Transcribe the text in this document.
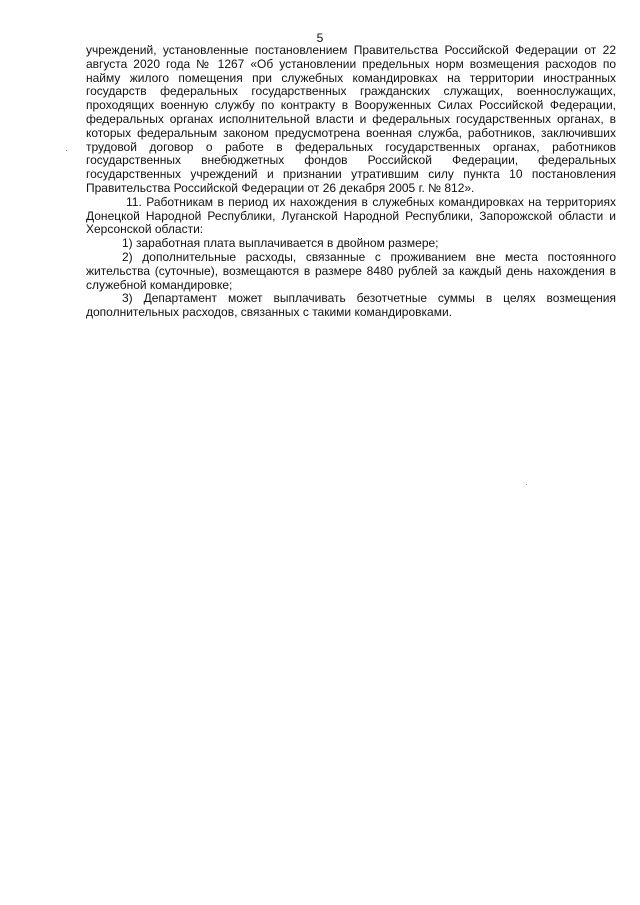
5

учреждений, установленные постановлением Правительства Российской Федерации от 22 августа 2020 года № 1267 «Об установлении предельных норм возмещения расходов по найму жилого помещения при служебных командировках на территории иностранных государств федеральных государственных гражданских служащих, военнослужащих, проходящих военную службу по контракту в Вооруженных Силах Российской Федерации, федеральных органах исполнительной власти и федеральных государственных органах, в которых федеральным законом предусмотрена военная служба, работников, заключивших трудовой договор о работе в федеральных государственных органах, работников государственных внебюджетных фондов Российской Федерации, федеральных государственных учреждений и признании утратившим силу пункта 10 постановления Правительства Российской Федерации от 26 декабря 2005 г. № 812».

11. Работникам в период их нахождения в служебных командировках на территориях Донецкой Народной Республики, Луганской Народной Республики, Запорожской области и Херсонской области:

1) заработная плата выплачивается в двойном размере;

2) дополнительные расходы, связанные с проживанием вне места постоянного жительства (суточные), возмещаются в размере 8480 рублей за каждый день нахождения в служебной командировке;

3) Департамент может выплачивать безотчетные суммы в целях возмещения дополнительных расходов, связанных с такими командировками.
